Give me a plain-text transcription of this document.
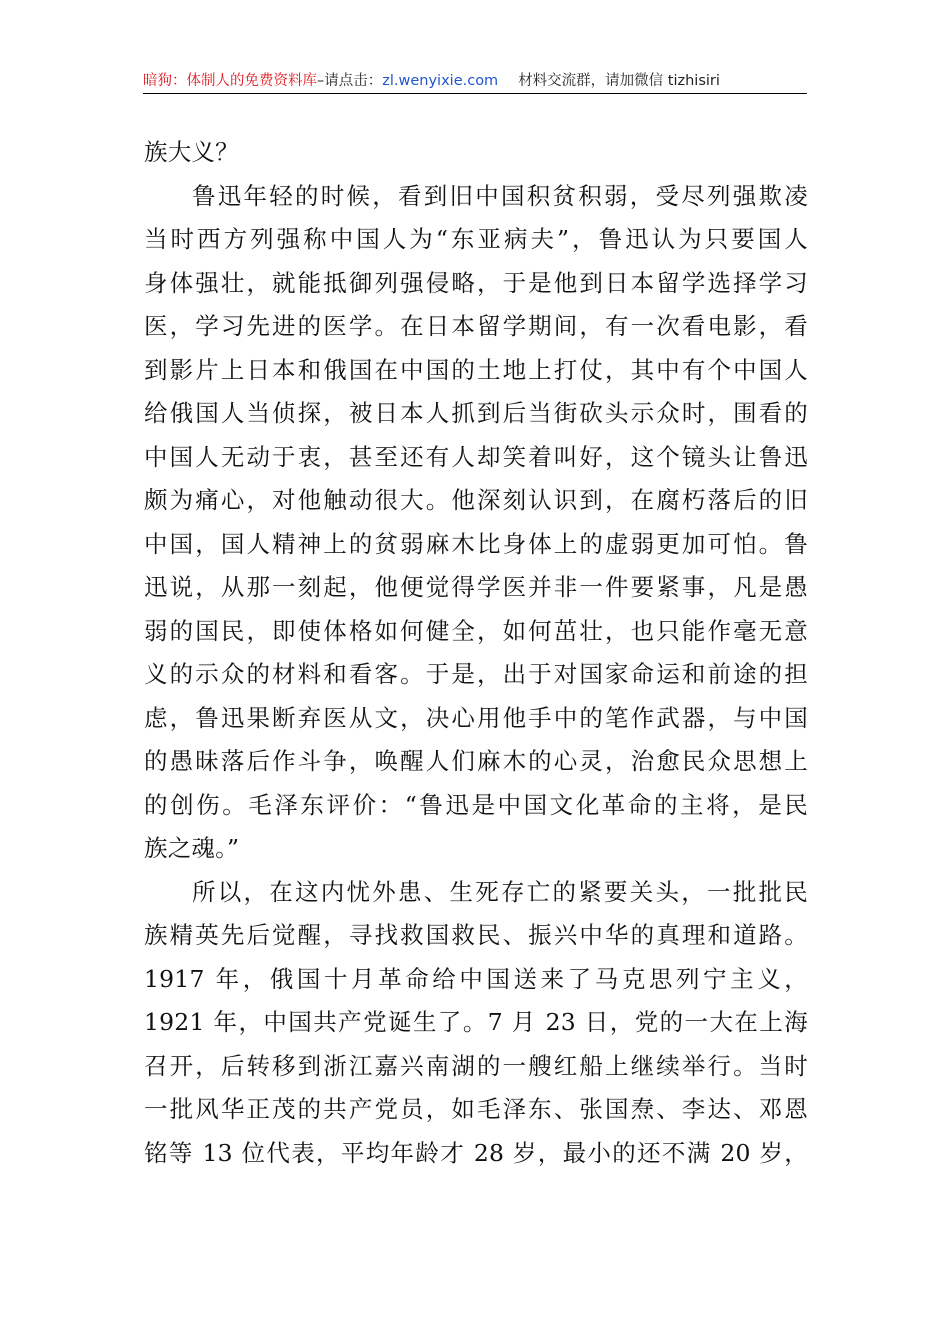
暗狗：体制人的免费资料库–请点击：zl.wenyixie.com 材料交流群，请加微信 tizhisiri
族大义？
鲁迅年轻的时候，看到旧中国积贫积弱，受尽列强欺凌
当时西方列强称中国人为“东亚病夫”，鲁迅认为只要国人
身体强壮，就能抵御列强侵略，于是他到日本留学选择学习
医，学习先进的医学。在日本留学期间，有一次看电影，看
到影片上日本和俄国在中国的土地上打仗，其中有个中国人
给俄国人当侦探，被日本人抓到后当街砍头示众时，围看的
中国人无动于衷，甚至还有人却笑着叫好，这个镜头让鲁迅
颇为痛心，对他触动很大。他深刻认识到，在腐朽落后的旧
中国，国人精神上的贫弱麻木比身体上的虚弱更加可怕。鲁
迅说，从那一刻起，他便觉得学医并非一件要紧事，凡是愚
弱的国民，即使体格如何健全，如何茁壮，也只能作毫无意
义的示众的材料和看客。于是，出于对国家命运和前途的担
虑，鲁迅果断弃医从文，决心用他手中的笔作武器，与中国
的愚昧落后作斗争，唤醒人们麻木的心灵，治愈民众思想上
的创伤。毛泽东评价：“鲁迅是中国文化革命的主将，是民
族之魂。”
所以，在这内忧外患、生死存亡的紧要关头，一批批民
族精英先后觉醒，寻找救国救民、振兴中华的真理和道路。
1917 年，俄国十月革命给中国送来了马克思列宁主义，
1921 年，中国共产党诞生了。7 月 23 日，党的一大在上海
召开，后转移到浙江嘉兴南湖的一艘红船上继续举行。当时
一批风华正茂的共产党员，如毛泽东、张国焘、李达、邓恩
铭等 13 位代表，平均年龄才 28 岁，最小的还不满 20 岁，
